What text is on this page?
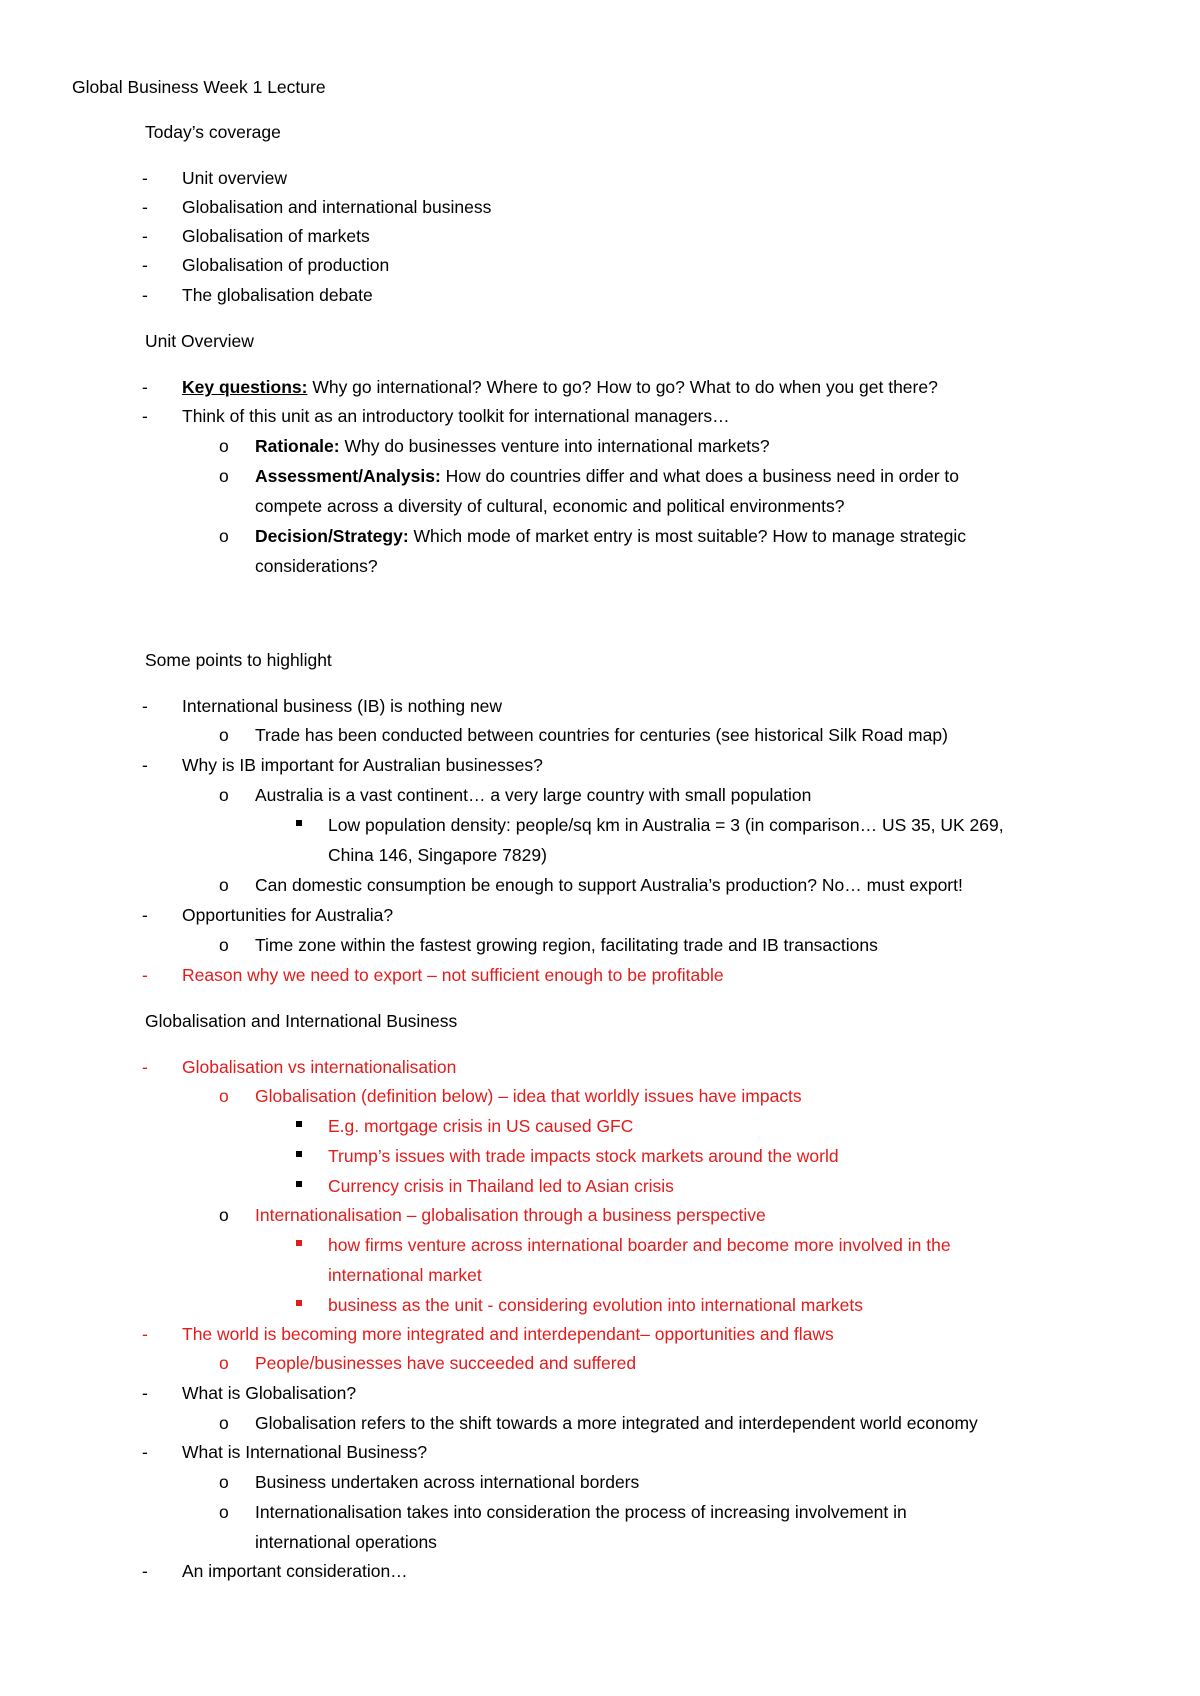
Global Business Week 1 Lecture
Today’s coverage
- Unit overview
- Globalisation and international business
- Globalisation of markets
- Globalisation of production
- The globalisation debate
Unit Overview
- Key questions: Why go international? Where to go? How to go? What to do when you get there?
- Think of this unit as an introductory toolkit for international managers…
o Rationale: Why do businesses venture into international markets?
o Assessment/Analysis: How do countries differ and what does a business need in order to
compete across a diversity of cultural, economic and political environments?
o Decision/Strategy: Which mode of market entry is most suitable? How to manage strategic
considerations?
Some points to highlight
- International business (IB) is nothing new
o Trade has been conducted between countries for centuries (see historical Silk Road map)
- Why is IB important for Australian businesses?
o Australia is a vast continent… a very large country with small population
Low population density: people/sq km in Australia = 3 (in comparison… US 35, UK 269,
China 146, Singapore 7829)
o Can domestic consumption be enough to support Australia’s production? No… must export!
- Opportunities for Australia?
o Time zone within the fastest growing region, facilitating trade and IB transactions
- Reason why we need to export – not sufficient enough to be profitable
Globalisation and International Business
- Globalisation vs internationalisation
o Globalisation (definition below) – idea that worldly issues have impacts
E.g. mortgage crisis in US caused GFC
Trump’s issues with trade impacts stock markets around the world
Currency crisis in Thailand led to Asian crisis
o Internationalisation – globalisation through a business perspective
how firms venture across international boarder and become more involved in the
international market
business as the unit - considering evolution into international markets
- The world is becoming more integrated and interdependant– opportunities and flaws
o People/businesses have succeeded and suffered
- What is Globalisation?
o Globalisation refers to the shift towards a more integrated and interdependent world economy
- What is International Business?
o Business undertaken across international borders
o Internationalisation takes into consideration the process of increasing involvement in
international operations
- An important consideration…
